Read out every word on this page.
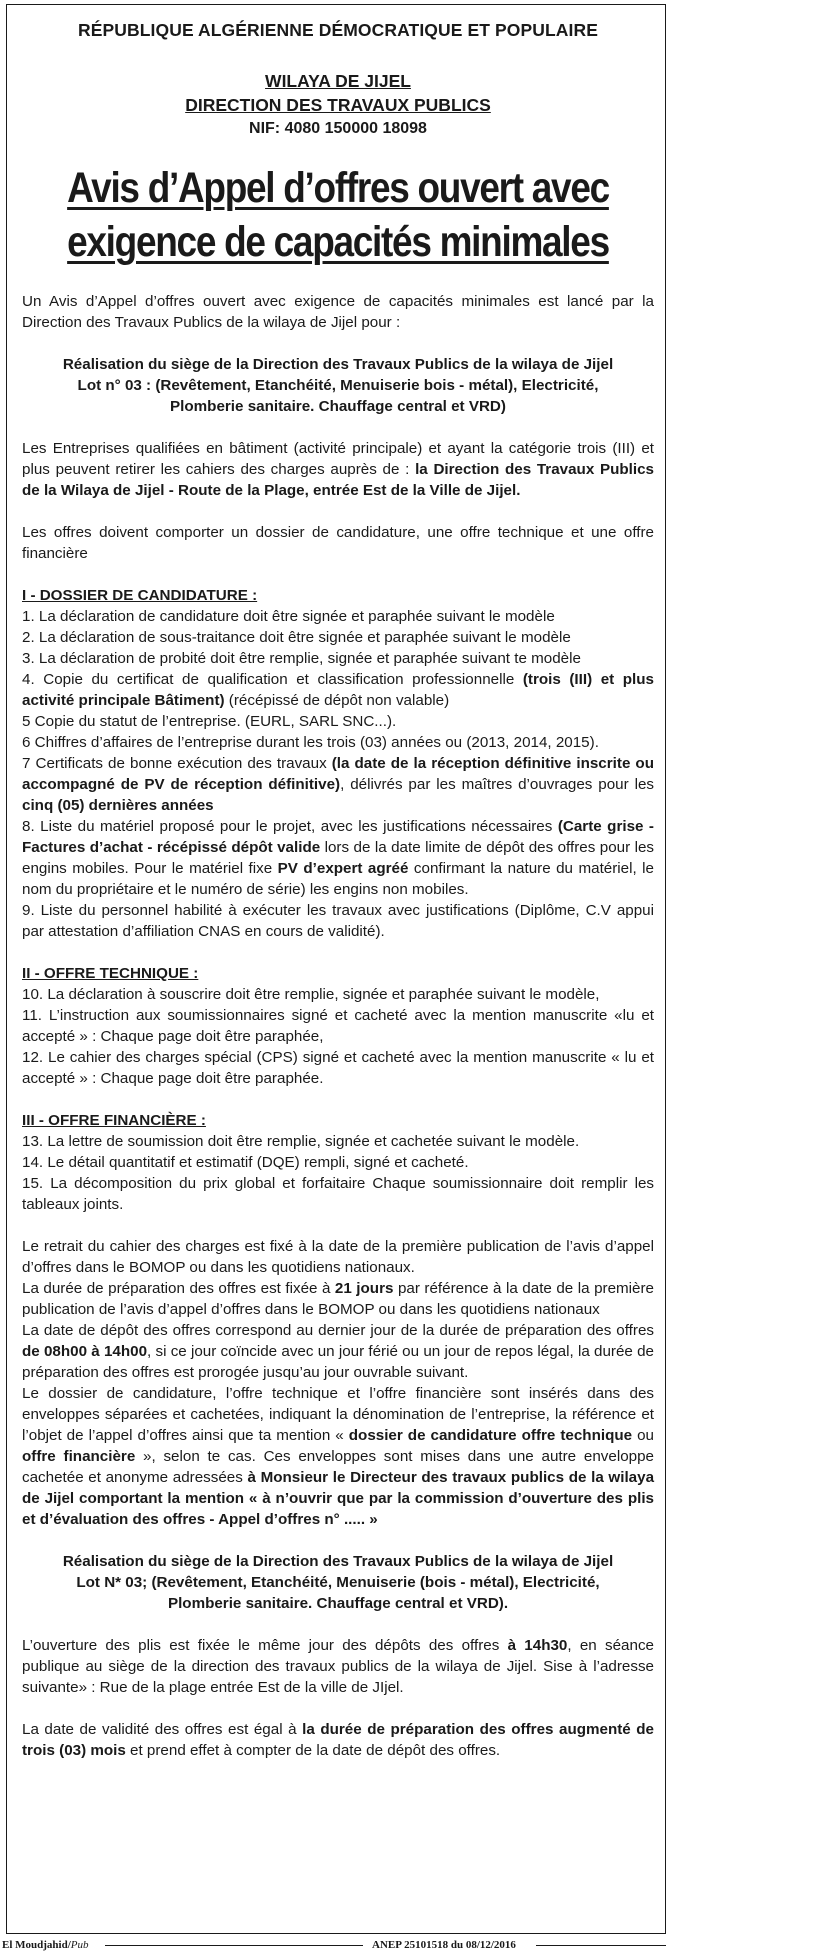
RÉPUBLIQUE ALGÉRIENNE DÉMOCRATIQUE ET POPULAIRE
WILAYA DE JIJEL
DIRECTION DES TRAVAUX PUBLICS
NIF: 4080 150000 18098
Avis d’Appel d’offres ouvert avec
exigence de capacités minimales

Un Avis d’Appel d’offres ouvert avec exigence de capacités minimales est lancé par la Direction des Travaux Publics de la wilaya de Jijel pour :

Réalisation du siège de la Direction des Travaux Publics de la wilaya de Jijel
Lot n° 03 : (Revêtement, Etanchéité, Menuiserie bois - métal), Electricité,
Plomberie sanitaire. Chauffage central et VRD)

Les Entreprises qualifiées en bâtiment (activité principale) et ayant la catégorie trois (III) et plus peuvent retirer les cahiers des charges auprès de : la Direction des Travaux Publics de la Wilaya de Jijel - Route de la Plage, entrée Est de la Ville de Jijel.

Les offres doivent comporter un dossier de candidature, une offre technique et une offre financière

I - DOSSIER DE CANDIDATURE :
1. La déclaration de candidature doit être signée et paraphée suivant le modèle
2. La déclaration de sous-traitance doit être signée et paraphée suivant le modèle
3. La déclaration de probité doit être remplie, signée et paraphée suivant te modèle
4. Copie du certificat de qualification et classification professionnelle (trois (III) et plus activité principale Bâtiment) (récépissé de dépôt non valable)
5 Copie du statut de l’entreprise. (EURL, SARL SNC...).
6 Chiffres d’affaires de l’entreprise durant les trois (03) années ou (2013, 2014, 2015).
7 Certificats de bonne exécution des travaux (la date de la réception définitive inscrite ou accompagné de PV de réception définitive), délivrés par les maîtres d’ouvrages pour les cinq (05) dernières années
8. Liste du matériel proposé pour le projet, avec les justifications nécessaires (Carte grise - Factures d’achat - récépissé dépôt valide lors de la date limite de dépôt des offres pour les engins mobiles. Pour le matériel fixe PV d’expert agréé confirmant la nature du matériel, le nom du propriétaire et le numéro de série) les engins non mobiles.
9. Liste du personnel habilité à exécuter les travaux avec justifications (Diplôme, C.V appui par attestation d’affiliation CNAS en cours de validité).
II - OFFRE TECHNIQUE :
10. La déclaration à souscrire doit être remplie, signée et paraphée suivant le modèle,
11. L’instruction aux soumissionnaires signé et cacheté avec la mention manuscrite «lu et accepté » : Chaque page doit être paraphée,
12. Le cahier des charges spécial (CPS) signé et cacheté avec la mention manuscrite « lu et accepté » : Chaque page doit être paraphée.
III - OFFRE FINANCIÈRE :
13. La lettre de soumission doit être remplie, signée et cachetée suivant le modèle.
14. Le détail quantitatif et estimatif (DQE) rempli, signé et cacheté.
15. La décomposition du prix global et forfaitaire Chaque soumissionnaire doit remplir les tableaux joints.

Le retrait du cahier des charges est fixé à la date de la première publication de l’avis d’appel d’offres dans le BOMOP ou dans les quotidiens nationaux.

La durée de préparation des offres est fixée à 21 jours par référence à la date de la première publication de l’avis d’appel d’offres dans le BOMOP ou dans les quotidiens nationaux

La date de dépôt des offres correspond au dernier jour de la durée de préparation des offres de 08h00 à 14h00, si ce jour coïncide avec un jour férié ou un jour de repos légal, la durée de préparation des offres est prorogée jusqu’au jour ouvrable suivant.

Le dossier de candidature, l’offre technique et l’offre financière sont insérés dans des enveloppes séparées et cachetées, indiquant la dénomination de l’entreprise, la référence et l’objet de l’appel d’offres ainsi que ta mention « dossier de candidature offre technique ou offre financière », selon te cas. Ces enveloppes sont mises dans une autre enveloppe cachetée et anonyme adressées à Monsieur le Directeur des travaux publics de la wilaya de Jijel comportant la mention « à n’ouvrir que par la commission d’ouverture des plis et d’évaluation des offres - Appel d’offres n° ..... »

Réalisation du siège de la Direction des Travaux Publics de la wilaya de Jijel
Lot N* 03; (Revêtement, Etanchéité, Menuiserie (bois - métal), Electricité,
Plomberie sanitaire. Chauffage central et VRD).

L’ouverture des plis est fixée le même jour des dépôts des offres à 14h30, en séance publique au siège de la direction des travaux publics de la wilaya de Jijel. Sise à l’adresse suivante» : Rue de la plage entrée Est de la ville de JIjel.

La date de validité des offres est égal à la durée de préparation des offres augmenté de trois (03) mois et prend effet à compter de la date de dépôt des offres.

El Moudjahid/Pub	ANEP 25101518 du 08/12/2016
